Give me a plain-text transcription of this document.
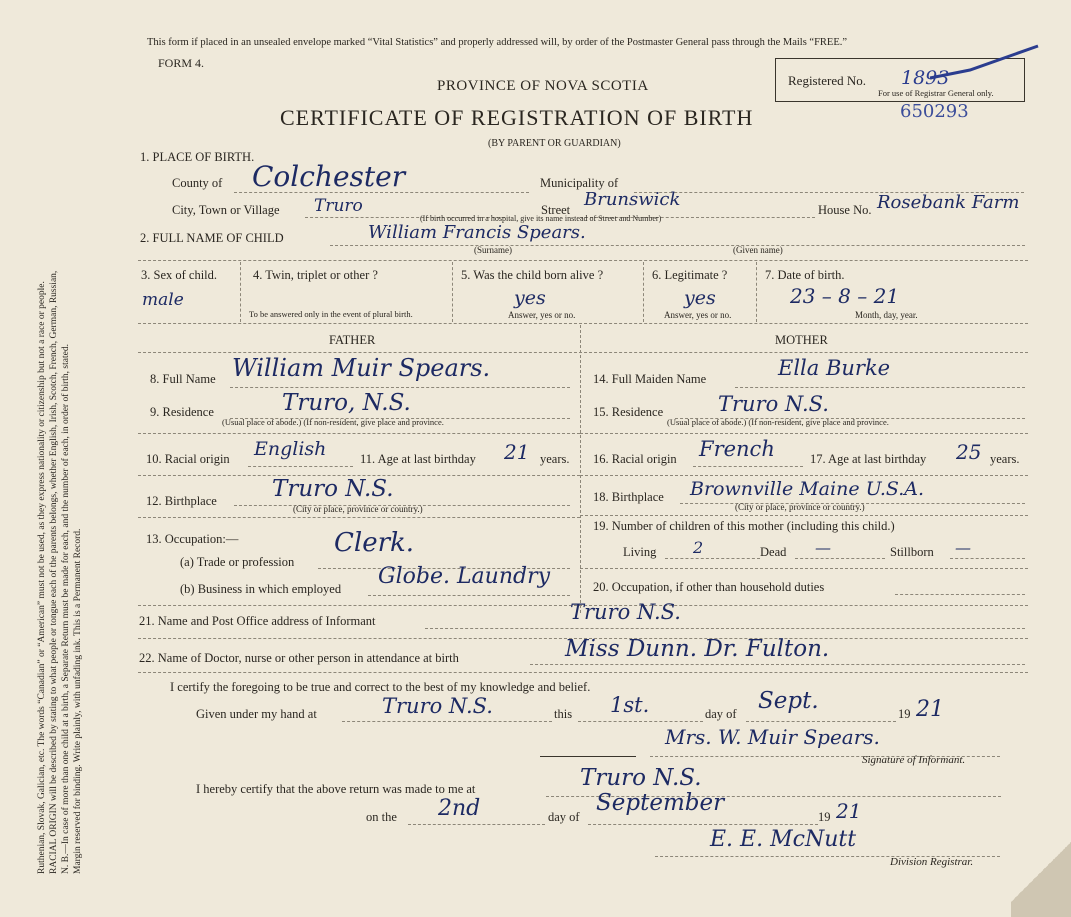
Ruthenian, Slovak, Galician, etc. The words “Canadian” or “American” must not be used, as they express nationality or citizenship but not a race or people. RACIAL ORIGIN will be described by stating to what people or tongue each of the parents belongs, whether English, Irish, Scotch, French, German, Russian, N. B.—In case of more than one child at a birth, a Separate Return must be made for each, and the number of each, in order of birth, stated. Margin reserved for binding. Write plainly, with unfading ink. This is a Permanent Record.
This form if placed in an unsealed envelope marked “Vital Statistics” and properly addressed will, by order of the Postmaster General pass through the Mails “FREE.”
FORM 4.
PROVINCE OF NOVA SCOTIA
CERTIFICATE OF REGISTRATION OF BIRTH
(BY PARENT OR GUARDIAN)
Registered No. 1893
For use of Registrar General only.
650293
1. PLACE OF BIRTH.
County of Colchester	Municipality of
City, Town or Village Truro	Street Brunswick
(If birth occurred in a hospital, give its name instead of Street and Number)
House No. Rosebank Farm
2. FULL NAME OF CHILD	William Francis Spears.
(Surname)	(Given name)
3. Sex of child.
male
4. Twin, triplet or other ?
To be answered only in the event of plural birth.
5. Was the child born alive ?
yes
Answer, yes or no.
6. Legitimate ?
yes
Answer, yes or no.
7. Date of birth.
23 – 8 – 21
Month, day, year.
FATHER	MOTHER
8. Full Name William Muir Spears.
9. Residence	Truro, N.S.
(Usual place of abode.) (If non-resident, give place and province.
10. Racial origin English	11. Age at last birthday 21 years.
12. Birthplace Truro N.S.
(City or place, province or country.)
13. Occupation:—
(a) Trade or profession
Clerk.
(b) Business in which employed Globe. Laundry
14. Full Maiden Name	Ella Burke
15. Residence	Truro N.S.
(Usual place of abode.) (If non-resident, give place and province.
16. Racial origin French	17. Age at last birthday 25 years.
18. Birthplace Brownville Maine U.S.A.
(City or place, province or country.)
19. Number of children of this mother (including this child.)
Living 2	Dead —	Stillborn —
20. Occupation, if other than household duties
21. Name and Post Office address of Informant	Truro N.S.
22. Name of Doctor, nurse or other person in attendance at birth	Miss Dunn. Dr. Fulton.
I certify the foregoing to be true and correct to the best of my knowledge and belief.
Given under my hand at	Truro N.S.	this 1st.	day of Sept.	19 21
Mrs. W. Muir Spears.
Signature of Informant.
I hereby certify that the above return was made to me at	Truro N.S.
on the 2nd	day of
September
19 21
E. E. McNutt
Division Registrar.
